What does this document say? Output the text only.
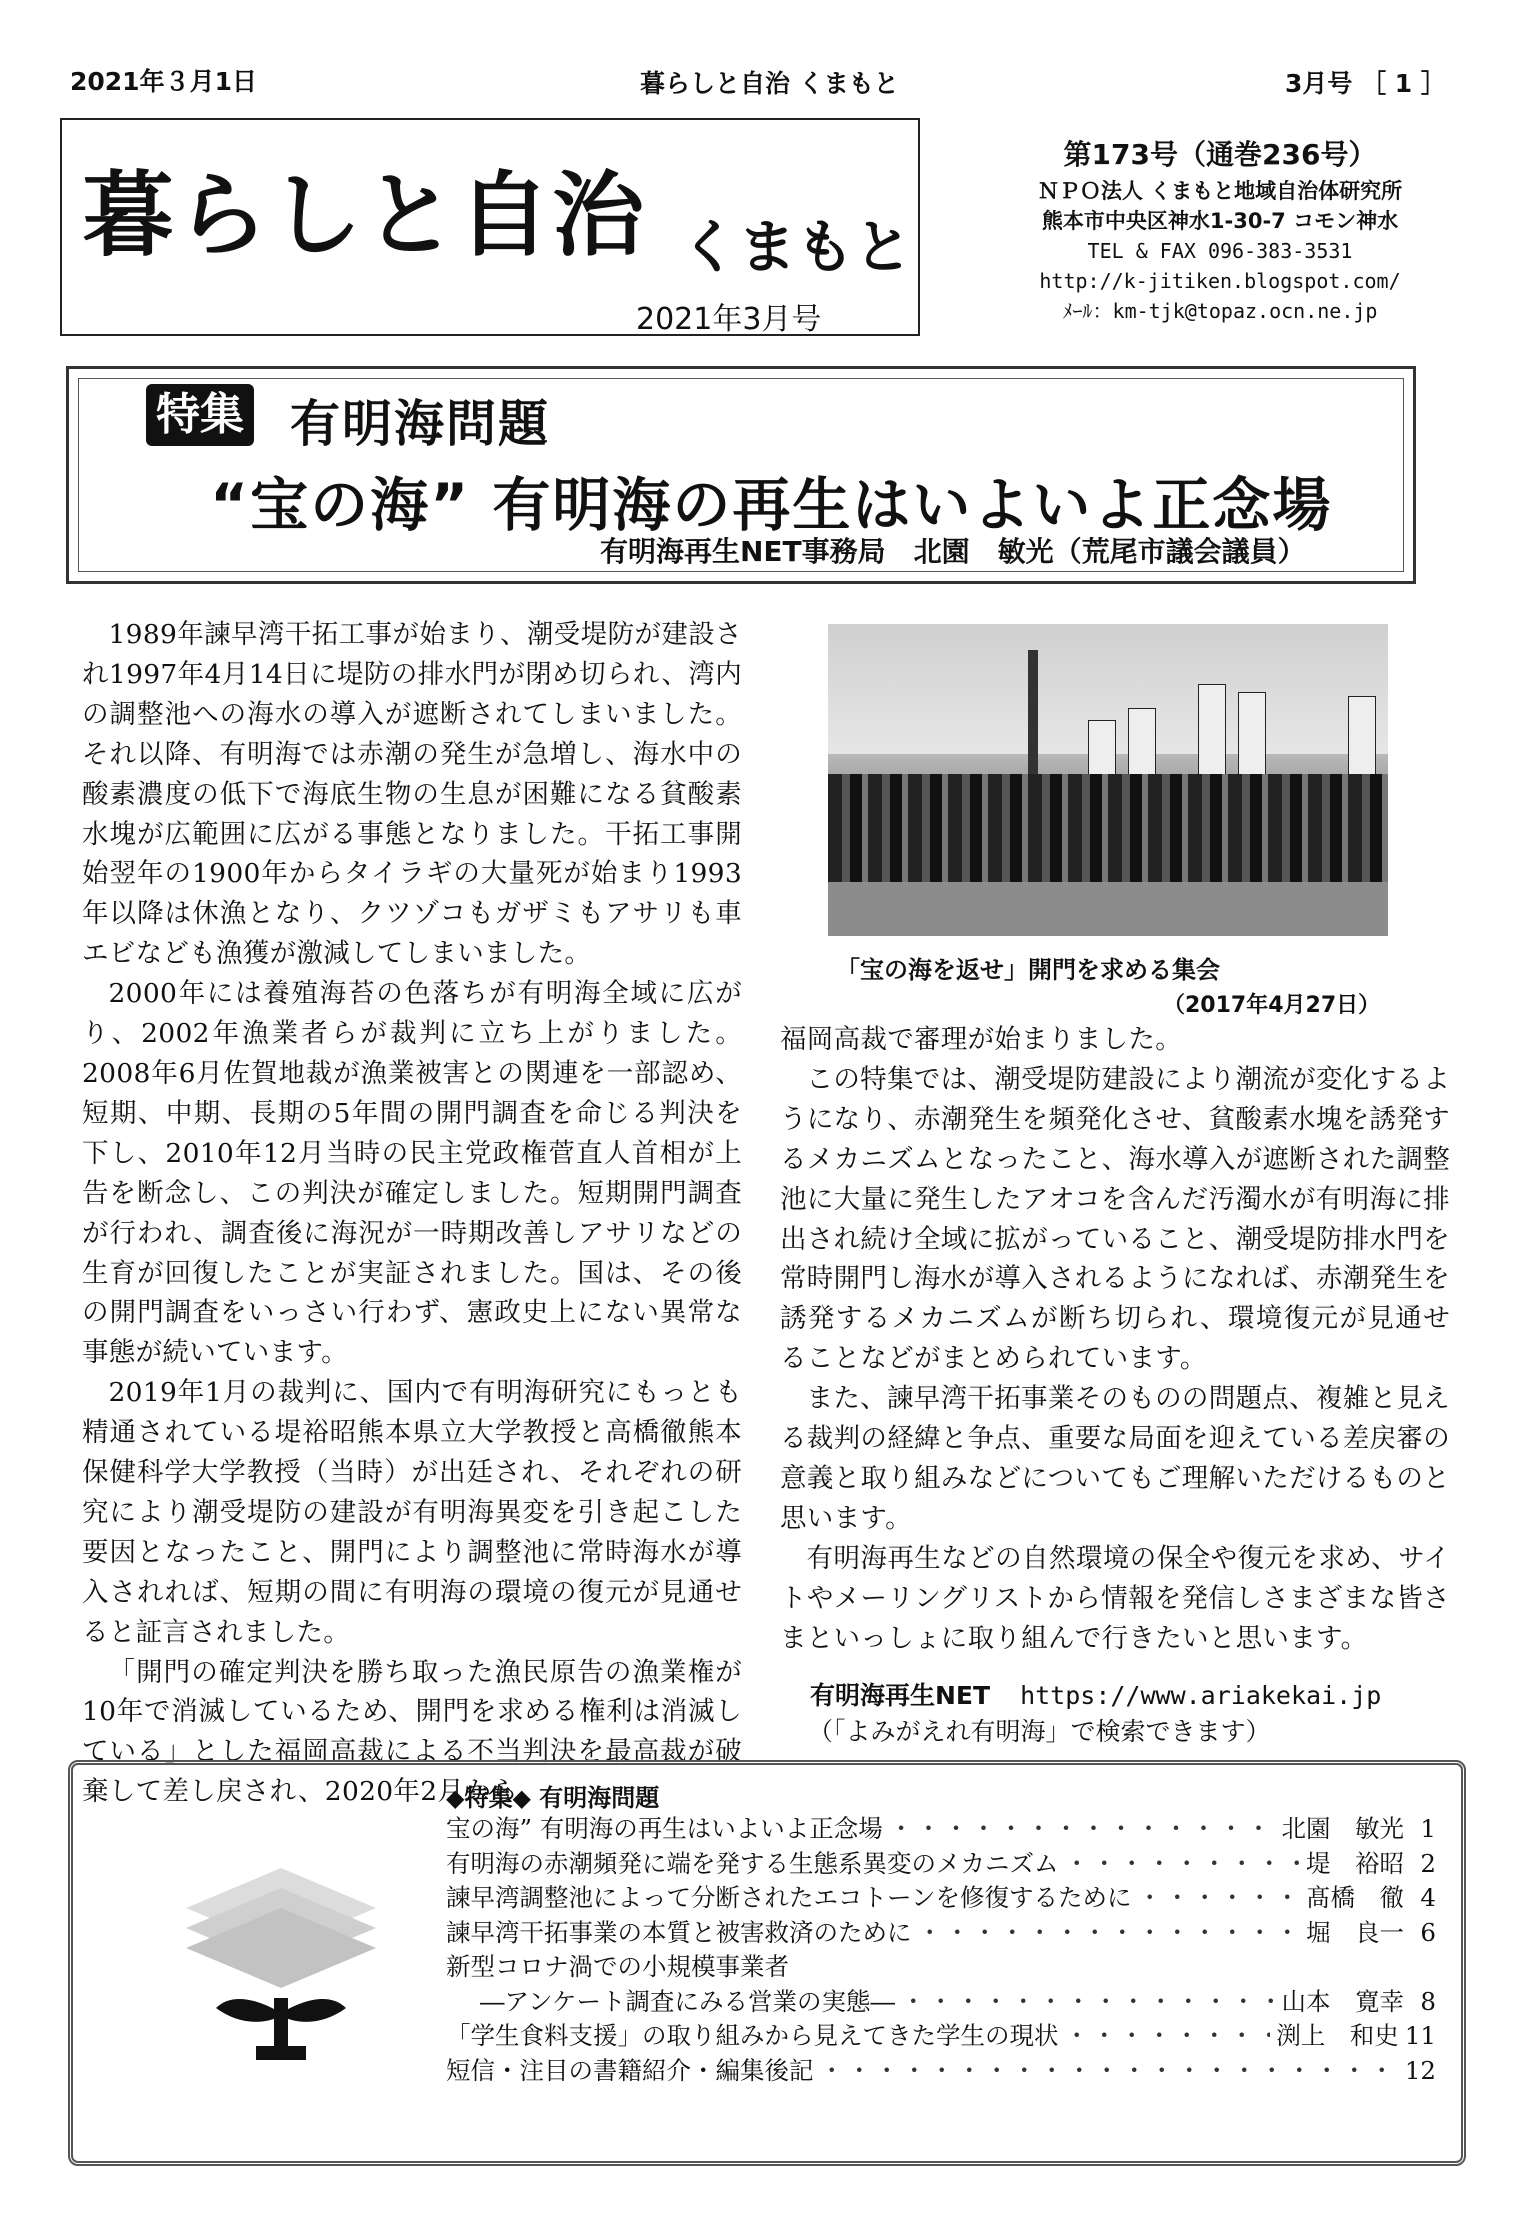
2021年３月1日	暮らしと自治 くまもと	3月号 ［ 1 ］
暮らしと自治 くまもと
2021年3月号
第173号（通巻236号）
ＮＰＯ法人 くまもと地域自治体研究所
熊本市中央区神水1-30-7 コモン神水
TEL & FAX 096-383-3531
http://k-jitiken.blogspot.com/
ﾒｰﾙ：km-tjk@topaz.ocn.ne.jp
特集 有明海問題
“宝の海” 有明海の再生はいよいよ正念場
有明海再生NET事務局　北園　敏光（荒尾市議会議員）

1989年諫早湾干拓工事が始まり、潮受堤防が建設され1997年4月14日に堤防の排水門が閉め切られ、湾内の調整池への海水の導入が遮断されてしまいました。それ以降、有明海では赤潮の発生が急増し、海水中の酸素濃度の低下で海底生物の生息が困難になる貧酸素水塊が広範囲に広がる事態となりました。干拓工事開始翌年の1900年からタイラギの大量死が始まり1993年以降は休漁となり、クツゾコもガザミもアサリも車エビなども漁獲が激減してしまいました。

2000年には養殖海苔の色落ちが有明海全域に広がり、2002年漁業者らが裁判に立ち上がりました。2008年6月佐賀地裁が漁業被害との関連を一部認め、短期、中期、長期の5年間の開門調査を命じる判決を下し、2010年12月当時の民主党政権菅直人首相が上告を断念し、この判決が確定しました。短期開門調査が行われ、調査後に海況が一時期改善しアサリなどの生育が回復したことが実証されました。国は、その後の開門調査をいっさい行わず、憲政史上にない異常な事態が続いています。

2019年1月の裁判に、国内で有明海研究にもっとも精通されている堤裕昭熊本県立大学教授と高橋徹熊本保健科学大学教授（当時）が出廷され、それぞれの研究により潮受堤防の建設が有明海異変を引き起こした要因となったこと、開門により調整池に常時海水が導入されれば、短期の間に有明海の環境の復元が見通せると証言されました。

「開門の確定判決を勝ち取った漁民原告の漁業権が10年で消滅しているため、開門を求める権利は消滅している」とした福岡高裁による不当判決を最高裁が破棄して差し戻され、2020年2月から

「宝の海を返せ」開門を求める集会
（2017年4月27日）

福岡高裁で審理が始まりました。

この特集では、潮受堤防建設により潮流が変化するようになり、赤潮発生を頻発化させ、貧酸素水塊を誘発するメカニズムとなったこと、海水導入が遮断された調整池に大量に発生したアオコを含んだ汚濁水が有明海に排出され続け全域に拡がっていること、潮受堤防排水門を常時開門し海水が導入されるようになれば、赤潮発生を誘発するメカニズムが断ち切られ、環境復元が見通せることなどがまとめられています。

また、諫早湾干拓事業そのものの問題点、複雑と見える裁判の経緯と争点、重要な局面を迎えている差戻審の意義と取り組みなどについてもご理解いただけるものと思います。

有明海再生などの自然環境の保全や復元を求め、サイトやメーリングリストから情報を発信しさまざまな皆さまといっしょに取り組んで行きたいと思います。

有明海再生NET https://www.ariakekai.jp
（「よみがえれ有明海」で検索できます）
◆特集◆ 有明海問題
宝の海” 有明海の再生はいよいよ正念場 ・・・・・・・・・・・・・・・・・・・・・・・・・・・・・・・・・・・・・・・・・・・・・・・・・・・・	北園　敏光 1
有明海の赤潮頻発に端を発する生態系異変のメカニズム ・・・・・・・・・・・・・・・・・・・・・・・・・・・・・・・・・・・・・・・・・・・・・・・・・・・・	堤　裕昭 2
諫早湾調整池によって分断されたエコトーンを修復するために ・・・・・・・・・・・・・・・・・・・・・・・・・・・・・・・・・・・・・・・・・・・・・・・・・・・・	髙橋　徹 4
諫早湾干拓事業の本質と被害救済のために ・・・・・・・・・・・・・・・・・・・・・・・・・・・・・・・・・・・・・・・・・・・・・・・・・・・・	堀　良一 6
新型コロナ渦での小規模事業者
―アンケート調査にみる営業の実態― ・・・・・・・・・・・・・・・・・・・・・・・・・・・・・・・・・・・・・・・・・・・・・・・・・・・・	山本　寛幸 8
「学生食料支援」の取り組みから見えてきた学生の現状 ・・・・・・・・・・・・・・・・・・・・・・・・・・・・・・・・・・・・・・・・・・・・・・・・・・・・	渕上　和史 11
短信・注目の書籍紹介・編集後記 ・・・・・・・・・・・・・・・・・・・・・・・・・・・・・・・・・・・・・・・・・・・・・・・・・・・・	12
